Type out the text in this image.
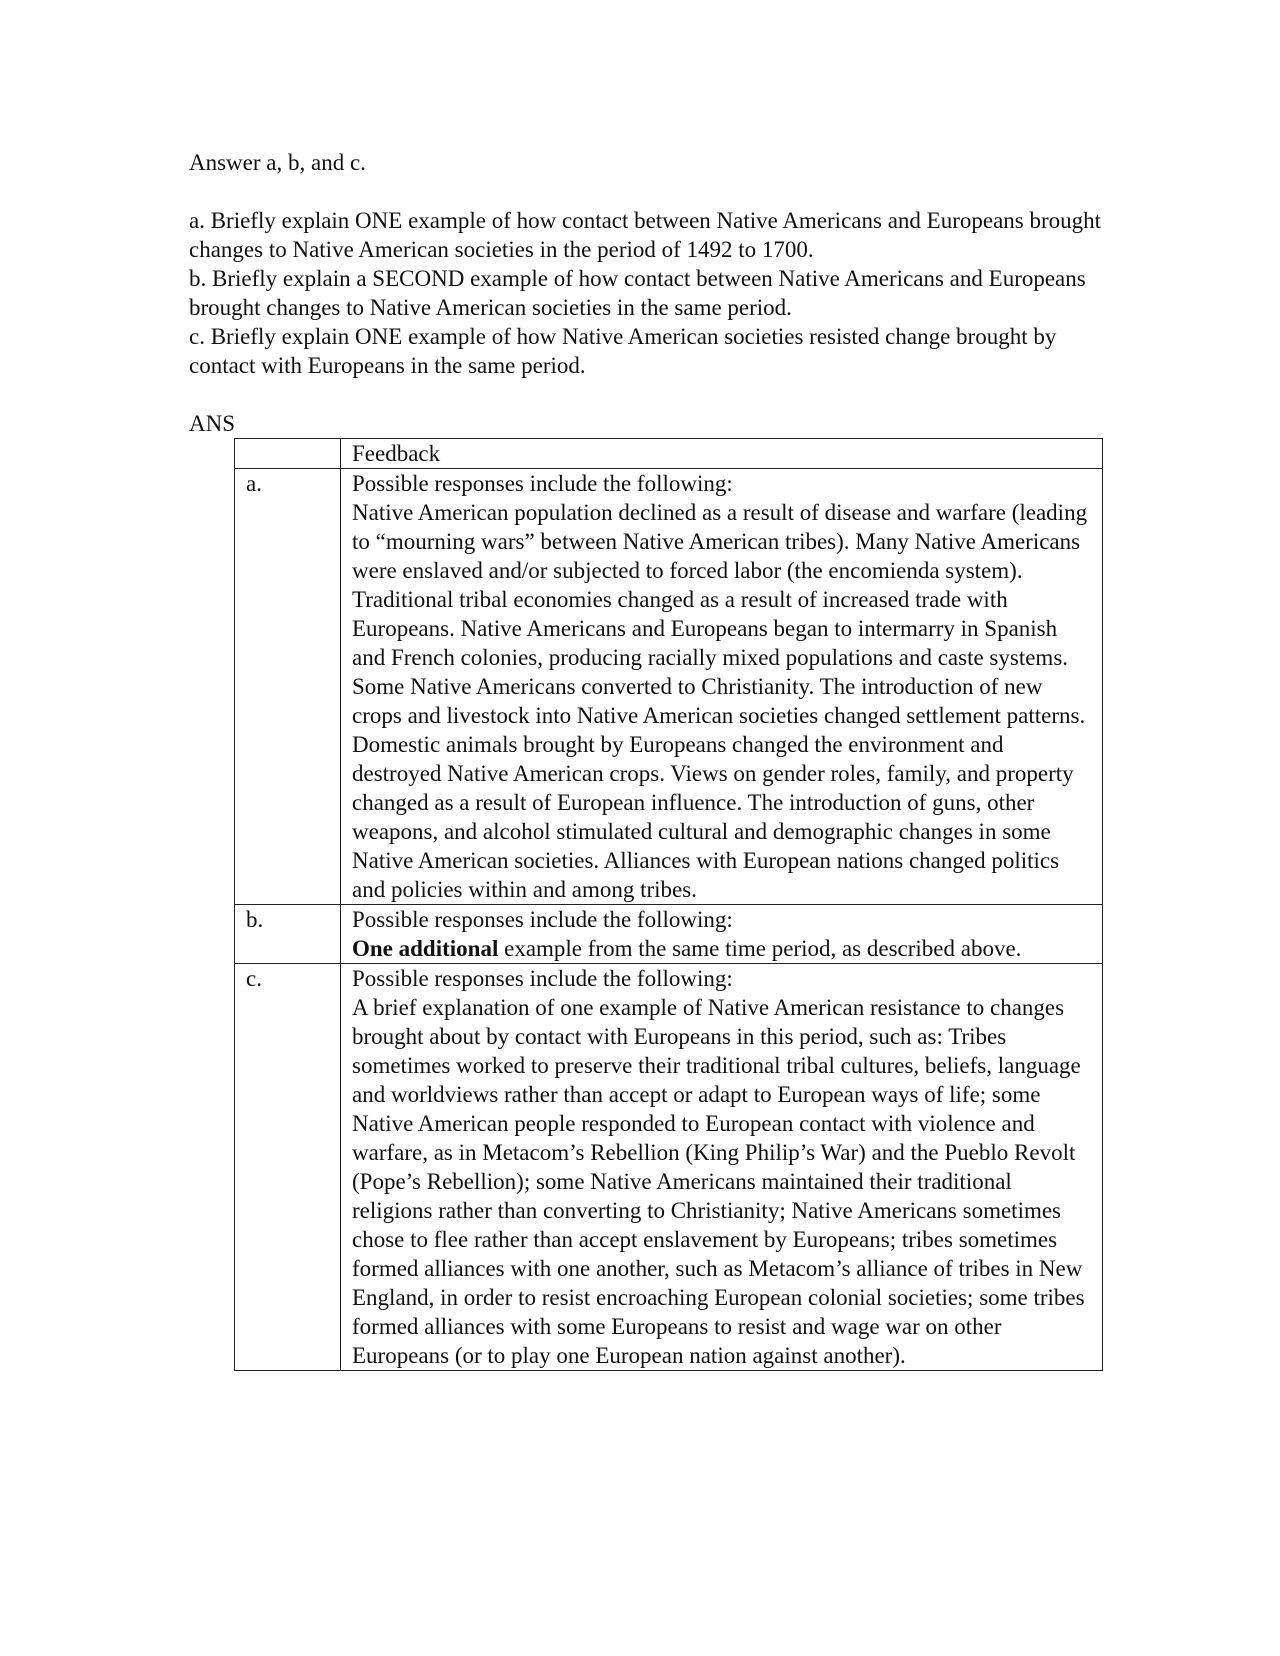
Answer a, b, and c.

a. Briefly explain ONE example of how contact between Native Americans and Europeans brought changes to Native American societies in the period of 1492 to 1700.

b. Briefly explain a SECOND example of how contact between Native Americans and Europeans brought changes to Native American societies in the same period.

c. Briefly explain ONE example of how Native American societies resisted change brought by contact with Europeans in the same period.

ANS

	Feedback
a.	Possible responses include the following:
Native American population declined as a result of disease and warfare (leading to “mourning wars” between Native American tribes). Many Native Americans were enslaved and/or subjected to forced labor (the encomienda system). Traditional tribal economies changed as a result of increased trade with Europeans. Native Americans and Europeans began to intermarry in Spanish and French colonies, producing racially mixed populations and caste systems. Some Native Americans converted to Christianity. The introduction of new crops and livestock into Native American societies changed settlement patterns. Domestic animals brought by Europeans changed the environment and destroyed Native American crops. Views on gender roles, family, and property changed as a result of European influence. The introduction of guns, other weapons, and alcohol stimulated cultural and demographic changes in some Native American societies. Alliances with European nations changed politics and policies within and among tribes.

b.	Possible responses include the following:
One additional example from the same time period, as described above.

c.	Possible responses include the following:
A brief explanation of one example of Native American resistance to changes brought about by contact with Europeans in this period, such as: Tribes sometimes worked to preserve their traditional tribal cultures, beliefs, language and worldviews rather than accept or adapt to European ways of life; some Native American people responded to European contact with violence and warfare, as in Metacom’s Rebellion (King Philip’s War) and the Pueblo Revolt (Pope’s Rebellion); some Native Americans maintained their traditional religions rather than converting to Christianity; Native Americans sometimes chose to flee rather than accept enslavement by Europeans; tribes sometimes formed alliances with one another, such as Metacom’s alliance of tribes in New England, in order to resist encroaching European colonial societies; some tribes formed alliances with some Europeans to resist and wage war on other Europeans (or to play one European nation against another).
